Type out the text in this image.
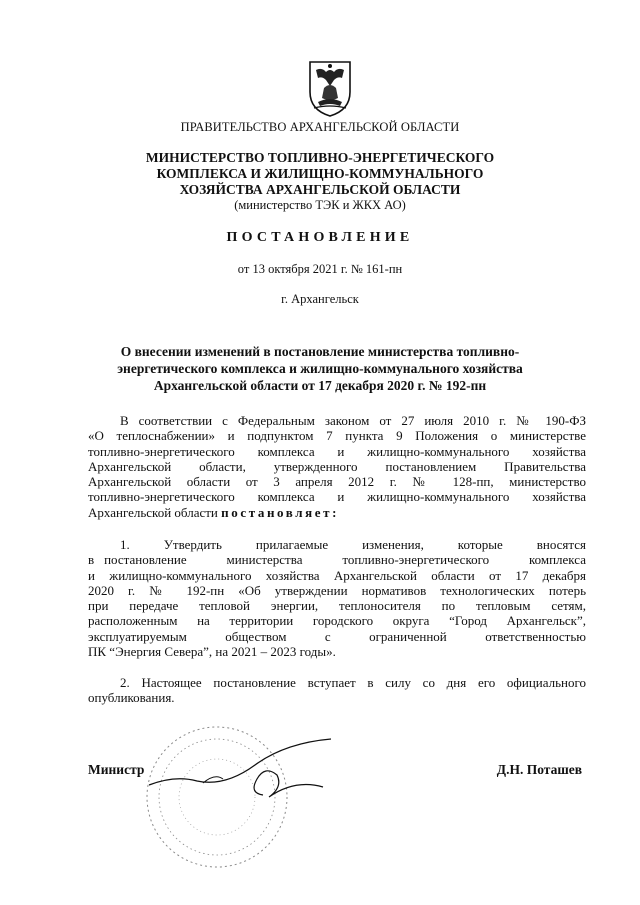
ПРАВИТЕЛЬСТВО АРХАНГЕЛЬСКОЙ ОБЛАСТИ
МИНИСТЕРСТВО ТОПЛИВНО-ЭНЕРГЕТИЧЕСКОГО
КОМПЛЕКСА И ЖИЛИЩНО-КОММУНАЛЬНОГО
ХОЗЯЙСТВА АРХАНГЕЛЬСКОЙ ОБЛАСТИ
(министерство ТЭК и ЖКХ АО)
ПОСТАНОВЛЕНИЕ
от 13 октября 2021 г. № 161-пн
г. Архангельск
О внесении изменений в постановление министерства топливно-
энергетического комплекса и жилищно-коммунального хозяйства
Архангельской области от 17 декабря 2020 г. № 192-пн
В соответствии с Федеральным законом от 27 июля 2010 г. № 190-ФЗ
«О теплоснабжении» и подпунктом 7 пункта 9 Положения о министерстве
топливно-энергетического комплекса и жилищно-коммунального хозяйства
Архангельской области, утвержденного постановлением Правительства
Архангельской области от 3 апреля 2012 г. № 128-пп, министерство
топливно-энергетического комплекса и жилищно-коммунального хозяйства
Архангельской области постановляет:
1.      Утвердить      прилагаемые      изменения,      которые      вносятся
в постановление    министерства    топливно-энергетического    комплекса
и жилищно-коммунального хозяйства Архангельской области от 17 декабря
2020 г. № 192-пн «Об утверждении нормативов технологических потерь
при передаче тепловой энергии, теплоносителя по тепловым сетям,
расположенным на территории городского округа “Город Архангельск”,
эксплуатируемым    обществом    с    ограниченной    ответственностью
ПК “Энергия Севера”, на 2021 – 2023 годы».
2. Настоящее постановление вступает в силу со дня его официального
опубликования.
Министр	Д.Н. Поташев
